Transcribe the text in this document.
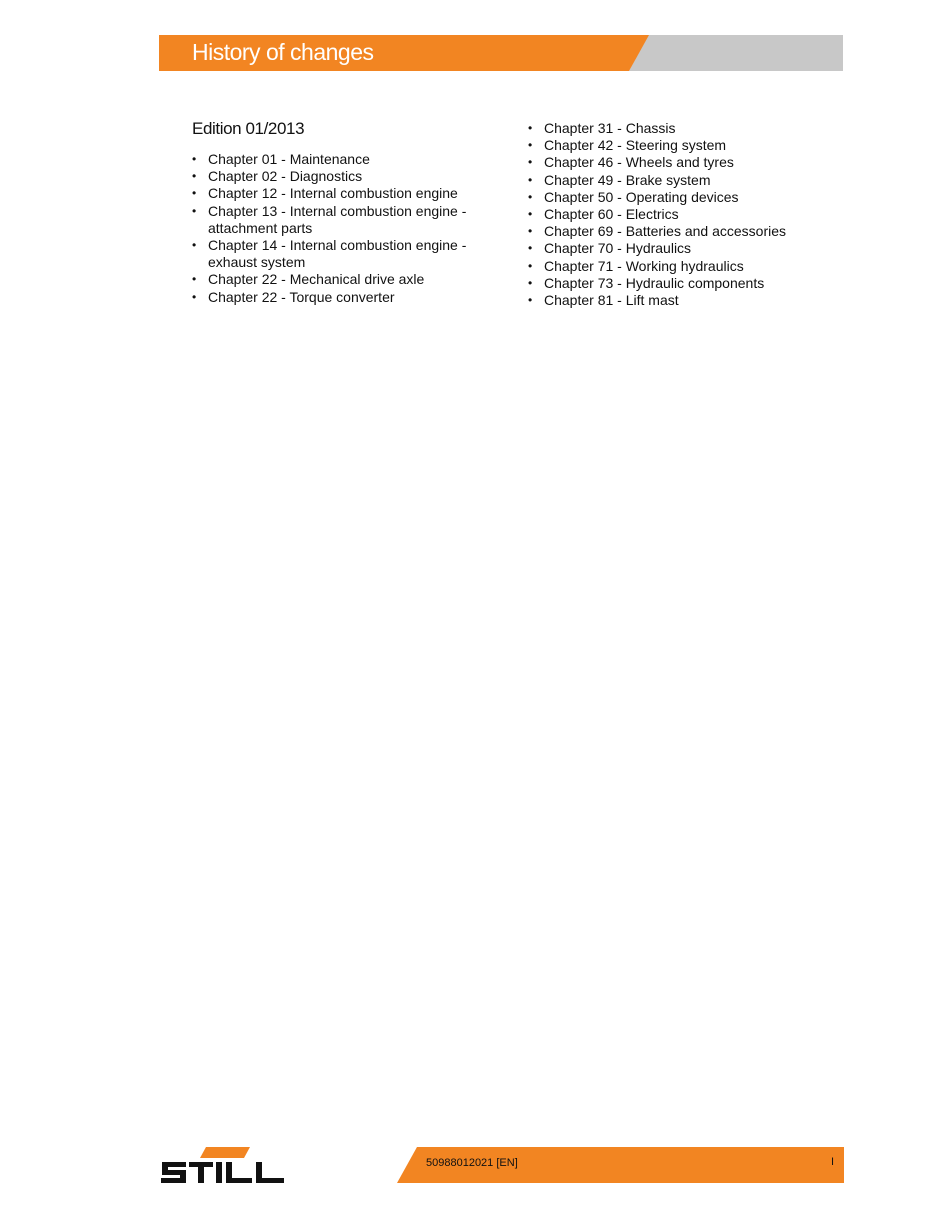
History of changes
Edition 01/2013
• Chapter 01 - Maintenance
• Chapter 02 - Diagnostics
• Chapter 12 - Internal combustion engine
• Chapter 13 - Internal combustion engine - attachment parts
• Chapter 14 - Internal combustion engine - exhaust system
• Chapter 22 - Mechanical drive axle
• Chapter 22 - Torque converter
• Chapter 31 - Chassis
• Chapter 42 - Steering system
• Chapter 46 - Wheels and tyres
• Chapter 49 - Brake system
• Chapter 50 - Operating devices
• Chapter 60 - Electrics
• Chapter 69 - Batteries and accessories
• Chapter 70 - Hydraulics
• Chapter 71 - Working hydraulics
• Chapter 73 - Hydraulic components
• Chapter 81 - Lift mast
50988012021 [EN]	I
